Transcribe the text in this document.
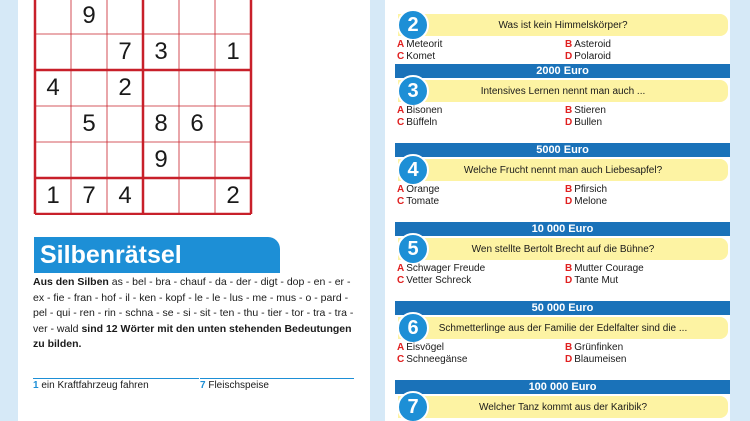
9
7 3	1
4	2
5	8 6
9
1 7 4	2
Silbenrätsel
Aus den Silben as - bel - bra - chauf - da - der - digt - dop - en - er - ex - fie - fran - hof - il - ken - kopf - le - le - lus - me - mus - o - pard - pel - qui - ren - rin - schna - se - si - sit - ten - thu - tier - tor - tra - tra - ver - wald sind 12 Wörter mit den unten stehenden Bedeutungen zu bilden.
1 ein Kraftfahrzeug fahren	7 Fleischspeise
Was ist kein Himmelskörper?
2
A Meteorit	B Asteroid
C Komet	D Polaroid
2000 Euro
Intensives Lernen nennt man auch ...
3
A Bisonen	B Stieren
C Büffeln	D Bullen
5000 Euro
Welche Frucht nennt man auch Liebesapfel?
4
A Orange	B Pfirsich
C Tomate	D Melone
10 000 Euro
Wen stellte Bertolt Brecht auf die Bühne?
5
A Schwager Freude	B Mutter Courage
C Vetter Schreck	D Tante Mut
50 000 Euro
Schmetterlinge aus der Familie der Edelfalter sind die ...
6
A Eisvögel	B Grünfinken
C Schneegänse	D Blaumeisen
100 000 Euro
Welcher Tanz kommt aus der Karibik?
7
